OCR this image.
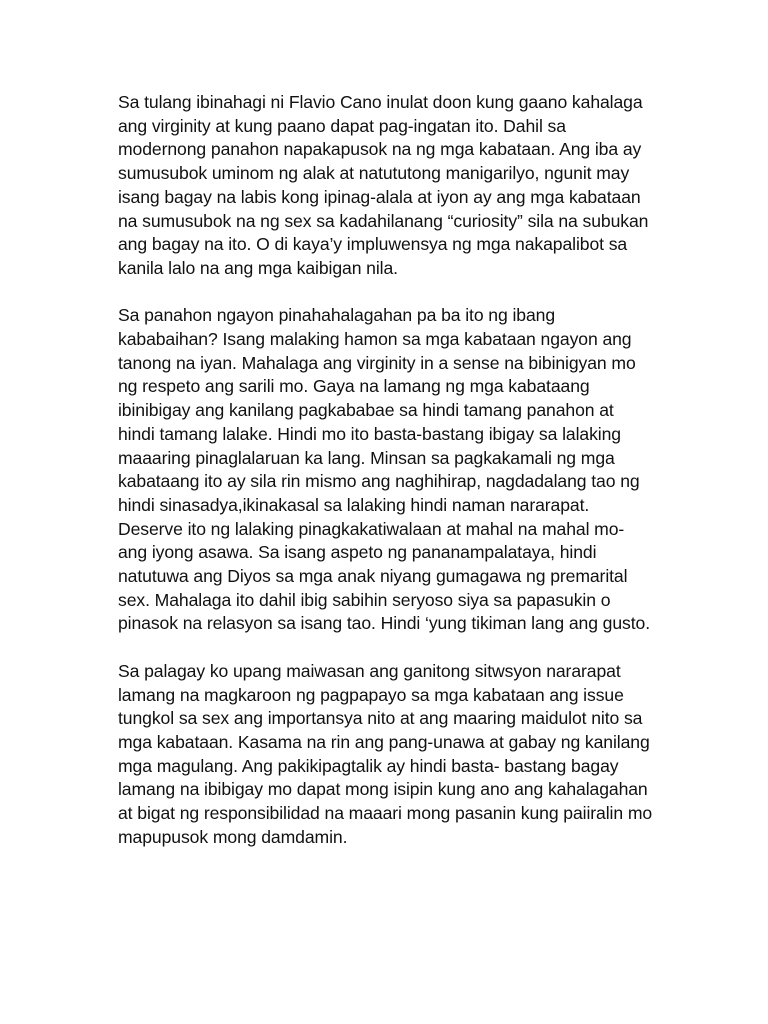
Sa tulang ibinahagi ni Flavio Cano inulat doon kung gaano kahalaga ang virginity at kung paano dapat pag-ingatan ito. Dahil sa modernong panahon napakapusok na ng mga kabataan. Ang iba ay sumusubok uminom ng alak at natututong manigarilyo, ngunit may isang bagay na labis kong ipinag-alala at iyon ay ang mga kabataan na sumusubok na ng sex sa kadahilanang “curiosity” sila na subukan ang bagay na ito. O di kaya’y impluwensya ng mga nakapalibot sa kanila lalo na ang mga kaibigan nila.

Sa panahon ngayon pinahahalagahan pa ba ito ng ibang kababaihan? Isang malaking hamon sa mga kabataan ngayon ang tanong na iyan. Mahalaga ang virginity in a sense na bibinigyan mo ng respeto ang sarili mo. Gaya na lamang ng mga kabataang ibinibigay ang kanilang pagkababae sa hindi tamang panahon at hindi tamang lalake. Hindi mo ito basta-bastang ibigay sa lalaking maaaring pinaglalaruan ka lang. Minsan sa pagkakamali ng mga kabataang ito ay sila rin mismo ang naghihirap, nagdadalang tao ng hindi sinasadya,ikinakasal sa lalaking hindi naman nararapat. Deserve ito ng lalaking pinagkakatiwalaan at mahal na mahal mo- ang iyong asawa. Sa isang aspeto ng pananampalataya, hindi natutuwa ang Diyos sa mga anak niyang gumagawa ng premarital sex. Mahalaga ito dahil ibig sabihin seryoso siya sa papasukin o pinasok na relasyon sa isang tao. Hindi ‘yung tikiman lang ang gusto.

Sa palagay ko upang maiwasan ang ganitong sitwsyon nararapat lamang na magkaroon ng pagpapayo sa mga kabataan ang issue tungkol sa sex ang importansya nito at ang maaring maidulot nito sa mga kabataan. Kasama na rin ang pang-unawa at gabay ng kanilang mga magulang. Ang pakikipagtalik ay hindi basta- bastang bagay lamang na ibibigay mo dapat mong isipin kung ano ang kahalagahan at bigat ng responsibilidad na maaari mong pasanin kung paiiralin mo mapupusok mong damdamin.
